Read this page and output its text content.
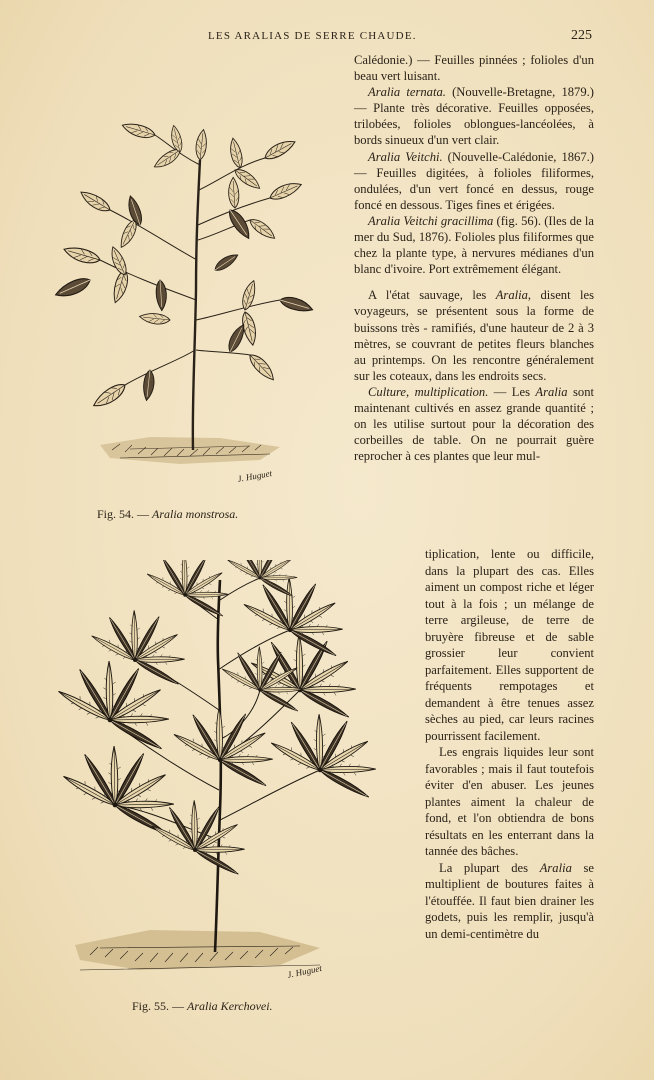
LES ARALIAS DE SERRE CHAUDE.	225
J. Huguet
Fig. 54. — Aralia monstrosa.
J. Huguet
Fig. 55. — Aralia Kerchovei.

Calédonie.) — Feuilles pinnées ; folioles d'un beau vert luisant.

Aralia ternata. (Nouvelle-Bretagne, 1879.) — Plante très décorative. Feuilles opposées, trilobées, folioles oblongues-lancéolées, à bords sinueux d'un vert clair.

Aralia Veitchi. (Nouvelle-Calédonie, 1867.) — Feuilles digitées, à folioles filiformes, ondulées, d'un vert foncé en dessus, rouge foncé en dessous. Tiges fines et érigées.

Aralia Veitchi gracillima (fig. 56). (Iles de la mer du Sud, 1876). Folioles plus filiformes que chez la plante type, à nervures médianes d'un blanc d'ivoire. Port extrêmement élégant.

A l'état sauvage, les Aralia, disent les voyageurs, se présentent sous la forme de buissons très - ramifiés, d'une hauteur de 2 à 3 mètres, se couvrant de petites fleurs blanches au printemps. On les rencontre généralement sur les coteaux, dans les endroits secs.

Culture, multiplication. — Les Aralia sont maintenant cultivés en assez grande quantité ; on les utilise surtout pour la décoration des corbeilles de table. On ne pourrait guère reprocher à ces plantes que leur mul-

tiplication, lente ou difficile, dans la plupart des cas. Elles aiment un compost riche et léger tout à la fois ; un mélange de terre argileuse, de terre de bruyère fibreuse et de sable grossier leur convient parfaitement. Elles supportent de fréquents rempotages et demandent à être tenues assez sèches au pied, car leurs racines pourrissent facilement.

Les engrais liquides leur sont favorables ; mais il faut toutefois éviter d'en abuser. Les jeunes plantes aiment la chaleur de fond, et l'on obtiendra de bons résultats en les enterrant dans la tannée des bâches.

La plupart des Aralia se multiplient de boutures faites à l'étouffée. Il faut bien drainer les godets, puis les remplir, jusqu'à un demi-centimètre du
